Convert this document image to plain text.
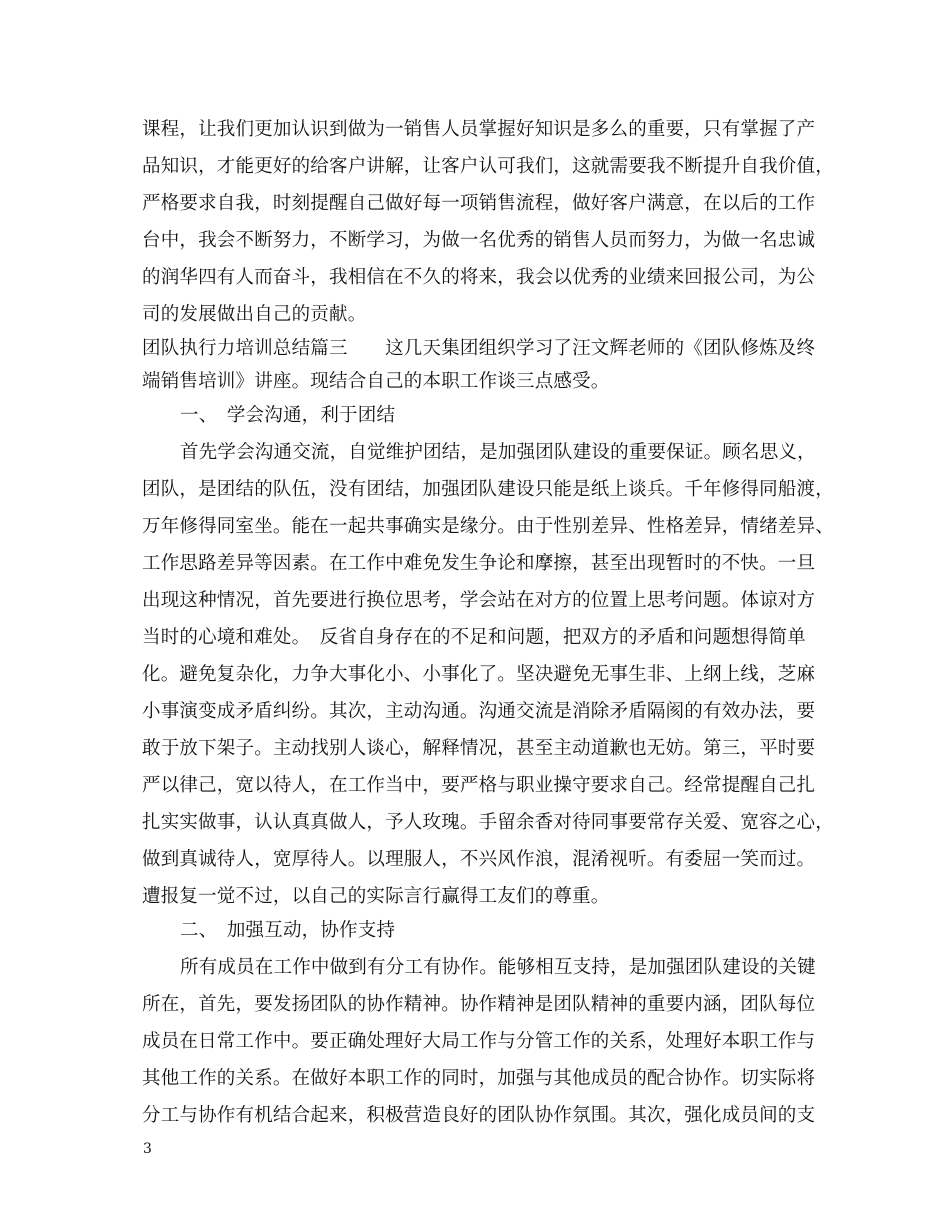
课程，让我们更加认识到做为一销售人员掌握好知识是多么的重要，只有掌握了产
品知识，才能更好的给客户讲解，让客户认可我们，这就需要我不断提升自我价值，
严格要求自我，时刻提醒自己做好每一项销售流程，做好客户满意，在以后的工作
台中，我会不断努力，不断学习，为做一名优秀的销售人员而努力，为做一名忠诚
的润华四有人而奋斗，我相信在不久的将来，我会以优秀的业绩来回报公司，为公
司的发展做出自己的贡献。
团队执行力培训总结篇三　　这几天集团组织学习了汪文辉老师的《团队修炼及终
端销售培训》讲座。现结合自己的本职工作谈三点感受。
一、　学会沟通，利于团结
首先学会沟通交流，自觉维护团结，是加强团队建设的重要保证。顾名思义，
团队，是团结的队伍，没有团结，加强团队建设只能是纸上谈兵。千年修得同船渡，
万年修得同室坐。能在一起共事确实是缘分。由于性别差异、性格差异，情绪差异、
工作思路差异等因素。在工作中难免发生争论和摩擦，甚至出现暂时的不快。一旦
出现这种情况，首先要进行换位思考，学会站在对方的位置上思考问题。体谅对方
当时的心境和难处。　反省自身存在的不足和问题，把双方的矛盾和问题想得简单
化。避免复杂化，力争大事化小、小事化了。坚决避免无事生非、上纲上线，芝麻
小事演变成矛盾纠纷。其次，主动沟通。沟通交流是消除矛盾隔阂的有效办法，要
敢于放下架子。主动找别人谈心，解释情况，甚至主动道歉也无妨。第三，平时要
严以律己，宽以待人，在工作当中，要严格与职业操守要求自己。经常提醒自己扎
扎实实做事，认认真真做人，予人玫瑰。手留余香对待同事要常存关爱、宽容之心，
做到真诚待人，宽厚待人。以理服人，不兴风作浪，混淆视听。有委屈一笑而过。
遭报复一觉不过，以自己的实际言行赢得工友们的尊重。
二、　加强互动，协作支持
所有成员在工作中做到有分工有协作。能够相互支持，是加强团队建设的关键
所在，首先，要发扬团队的协作精神。协作精神是团队精神的重要内涵，团队每位
成员在日常工作中。要正确处理好大局工作与分管工作的关系，处理好本职工作与
其他工作的关系。在做好本职工作的同时，加强与其他成员的配合协作。切实际将
分工与协作有机结合起来，积极营造良好的团队协作氛围。其次，强化成员间的支
3
